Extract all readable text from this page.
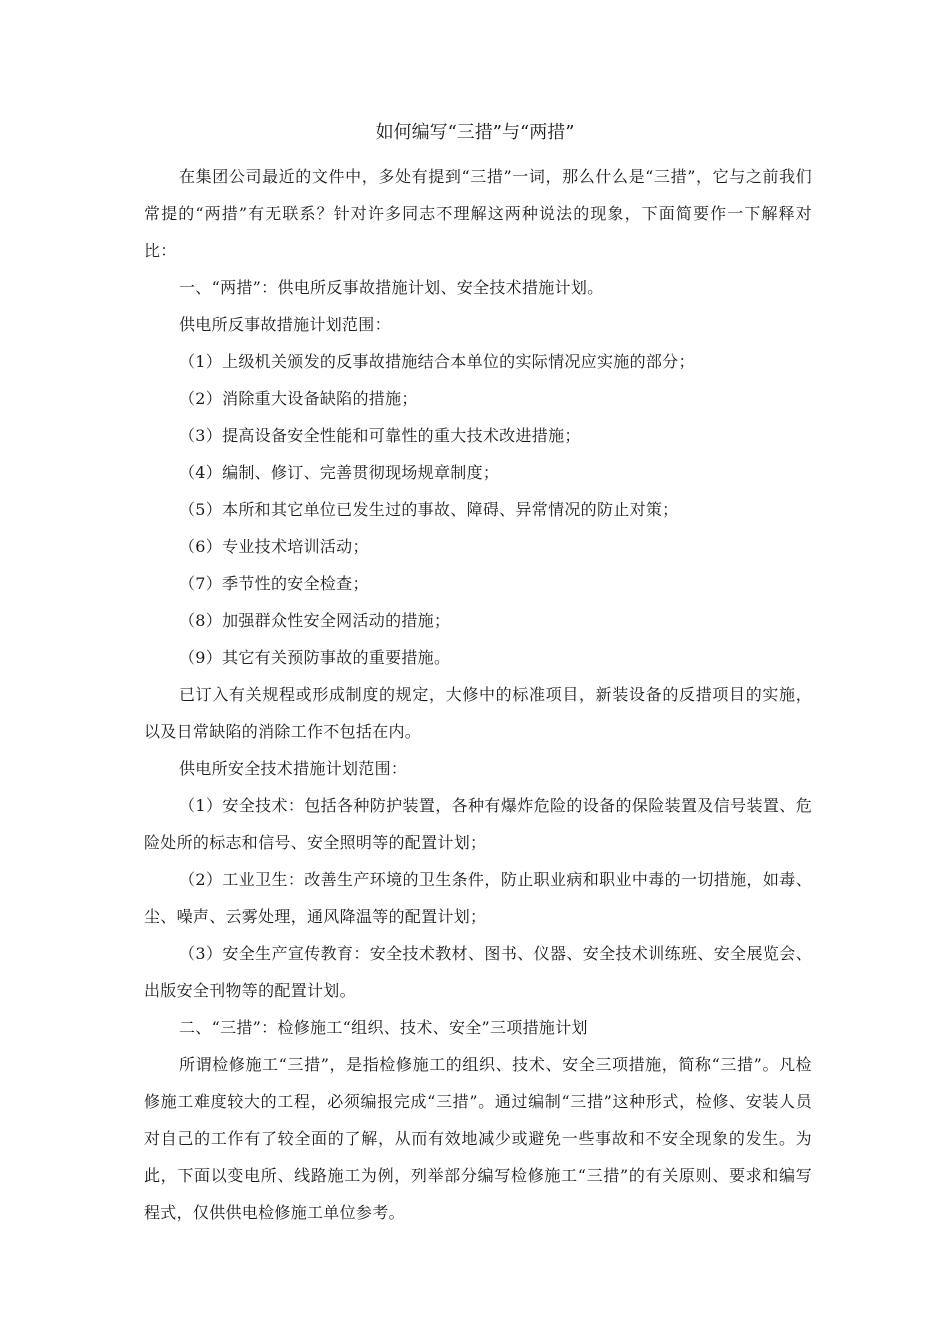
如何编写“三措”与“两措”

在集团公司最近的文件中，多处有提到“三措”一词，那么什么是“三措”，它与之前我们常提的“两措”有无联系？针对许多同志不理解这两种说法的现象，下面简要作一下解释对比：

一、“两措”：供电所反事故措施计划、安全技术措施计划。

供电所反事故措施计划范围：

（1）上级机关颁发的反事故措施结合本单位的实际情况应实施的部分；

（2）消除重大设备缺陷的措施；

（3）提高设备安全性能和可靠性的重大技术改进措施；

（4）编制、修订、完善贯彻现场规章制度；

（5）本所和其它单位已发生过的事故、障碍、异常情况的防止对策；

（6）专业技术培训活动；

（7）季节性的安全检查；

（8）加强群众性安全网活动的措施；

（9）其它有关预防事故的重要措施。

已订入有关规程或形成制度的规定，大修中的标准项目，新装设备的反措项目的实施，以及日常缺陷的消除工作不包括在内。

供电所安全技术措施计划范围：

（1）安全技术：包括各种防护装置，各种有爆炸危险的设备的保险装置及信号装置、危险处所的标志和信号、安全照明等的配置计划；

（2）工业卫生：改善生产环境的卫生条件，防止职业病和职业中毒的一切措施，如毒、尘、噪声、云雾处理，通风降温等的配置计划；

（3）安全生产宣传教育：安全技术教材、图书、仪器、安全技术训练班、安全展览会、出版安全刊物等的配置计划。

二、“三措”：检修施工“组织、技术、安全”三项措施计划

所谓检修施工“三措”，是指检修施工的组织、技术、安全三项措施，简称“三措”。凡检修施工难度较大的工程，必须编报完成“三措”。通过编制“三措”这种形式，检修、安装人员对自己的工作有了较全面的了解，从而有效地减少或避免一些事故和不安全现象的发生。为此，下面以变电所、线路施工为例，列举部分编写检修施工“三措”的有关原则、要求和编写程式，仅供供电检修施工单位参考。
